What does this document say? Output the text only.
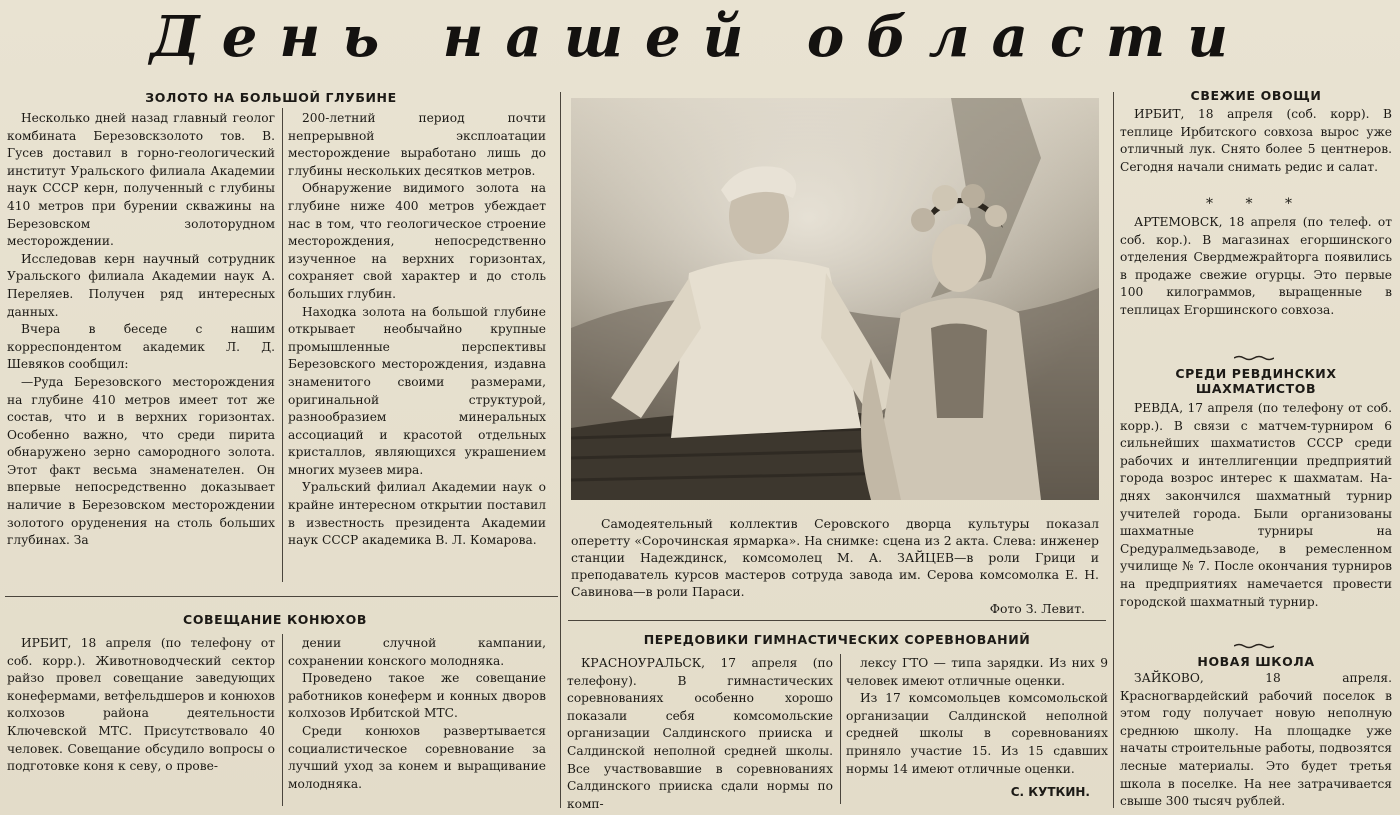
День нашей области
ЗОЛОТО НА БОЛЬШОЙ ГЛУБИНЕ

Несколько дней назад главный геолог комбината Березовскзолото тов. В. Гусев доставил в горно-геологический институт Уральского филиала Академии наук СССР керн, полученный с глубины 410 метров при бурении скважины на Березовском золоторудном месторождении.

Исследовав керн научный сотрудник Уральского филиала Академии наук А. Переляев. Получен ряд интересных данных.

Вчера в беседе с нашим корреспондентом академик Л. Д. Шевяков сообщил:

—Руда Березовского месторождения на глубине 410 метров имеет тот же состав, что и в верхних горизонтах. Особенно важно, что среди пирита обнаружено зерно самородного золота. Этот факт весьма знаменателен. Он впервые непосредственно доказывает наличие в Березовском месторождении золотого оруденения на столь больших глубинах. За

200-летний период почти непрерывной эксплоатации месторождение выработано лишь до глубины нескольких десятков метров.

Обнаружение видимого золота на глубине ниже 400 метров убеждает нас в том, что геологическое строение месторождения, непосредственно изученное на верхних горизонтах, сохраняет свой характер и до столь больших глубин.

Находка золота на большой глубине открывает необычайно крупные промышленные перспективы Березовского месторождения, издавна знаменитого своими размерами, оригинальной структурой, разнообразием минеральных ассоциаций и красотой отдельных кристаллов, являющихся украшением многих музеев мира.

Уральский филиал Академии наук о крайне интересном открытии поставил в известность президента Академии наук СССР академика В. Л. Комарова.

СОВЕЩАНИЕ КОНЮХОВ

ИРБИТ, 18 апреля (по телефону от соб. корр.). Животноводческий сектор райзо провел совещание заведующих конефермами, ветфельдшеров и конюхов колхозов района деятельности Ключевской МТС. Присутствовало 40 человек. Совещание обсудило вопросы о подготовке коня к севу, о прове-

дении случной кампании, сохранении конского молодняка.

Проведено такое же совещание работников конеферм и конных дворов колхозов Ирбитской МТС.

Среди конюхов развертывается социалистическое соревнование за лучший уход за конем и выращивание молодняка.

Самодеятельный коллектив Серовского дворца культуры показал оперетту «Сорочинская ярмарка». На снимке: сцена из 2 акта. Слева: инженер станции Надеждинск, комсомолец М. А. ЗАЙЦЕВ—в роли Грици и преподаватель курсов мастеров сотруда завода им. Серова комсомолка Е. Н. Савинова—в роли Параси.

Фото З. Левит.

ПЕРЕДОВИКИ ГИМНАСТИЧЕСКИХ СОРЕВНОВАНИЙ

КРАСНОУРАЛЬСК, 17 апреля (по телефону). В гимнастических соревнованиях особенно хорошо показали себя комсомольские организации Салдинского прииска и Салдинской неполной средней школы. Все участвовавшие в соревнованиях Салдинского прииска сдали нормы по комп-

лексу ГТО — типа зарядки. Из них 9 человек имеют отличные оценки.

Из 17 комсомольцев комсомольской организации Салдинской неполной средней школы в соревнованиях приняло участие 15. Из 15 сдавших нормы 14 имеют отличные оценки.

С. КУТКИН.
СВЕЖИЕ ОВОЩИ

ИРБИТ, 18 апреля (соб. корр). В теплице Ирбитского совхоза вырос уже отличный лук. Снято более 5 центнеров. Сегодня начали снимать редис и салат.

* * *

АРТЕМОВСК, 18 апреля (по телеф. от соб. кор.). В магазинах егоршинского отделения Свердмежрайторга появились в продаже свежие огурцы. Это первые 100 килограммов, выращенные в теплицах Егоршинского совхоза.

СРЕДИ РЕВДИНСКИХ
ШАХМАТИСТОВ

РЕВДА, 17 апреля (по телефону от соб. корр.). В связи с матчем-турниром 6 сильнейших шахматистов СССР среди рабочих и интеллигенции предприятий города возрос интерес к шахматам. На-днях закончился шахматный турнир учителей города. Были организованы шахматные турниры на Средуралмедьзаводе, в ремесленном училище № 7. После окончания турниров на предприятиях намечается провести городской шахматный турнир.

НОВАЯ ШКОЛА

ЗАЙКОВО, 18 апреля. Красногвардейский рабочий поселок в этом году получает новую неполную среднюю школу. На площадке уже начаты строительные работы, подвозятся лесные материалы. Это будет третья школа в поселке. На нее затрачивается свыше 300 тысяч рублей.
